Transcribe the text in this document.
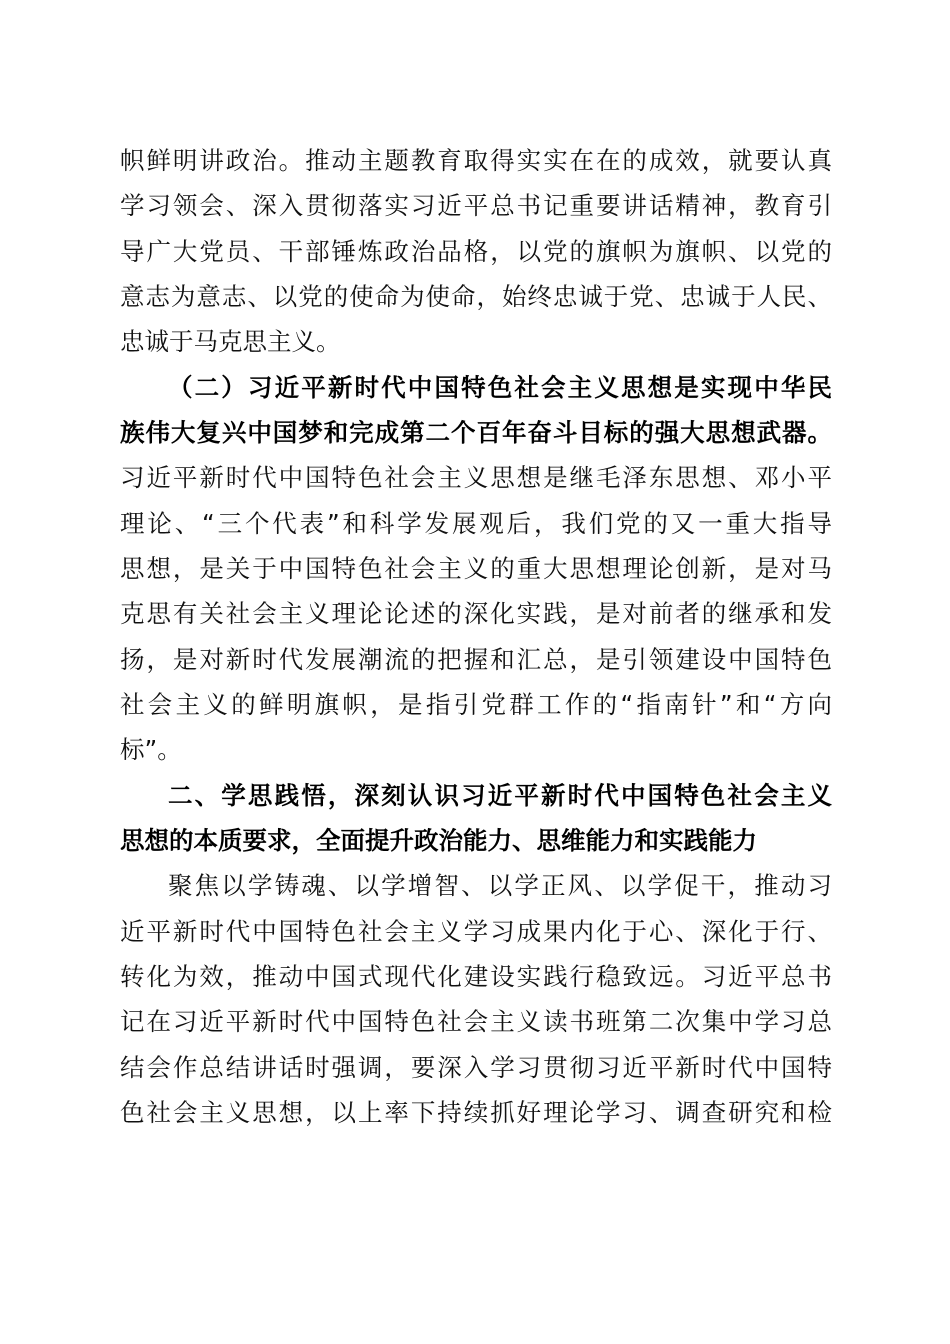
帜鲜明讲政治。推动主题教育取得实实在在的成效，就要认真
学习领会、深入贯彻落实习近平总书记重要讲话精神，教育引
导广大党员、干部锤炼政治品格，以党的旗帜为旗帜、以党的
意志为意志、以党的使命为使命，始终忠诚于党、忠诚于人民、
忠诚于马克思主义。
（二）习近平新时代中国特色社会主义思想是实现中华民
族伟大复兴中国梦和完成第二个百年奋斗目标的强大思想武器。
习近平新时代中国特色社会主义思想是继毛泽东思想、邓小平
理论、“三个代表”和科学发展观后，我们党的又一重大指导
思想，是关于中国特色社会主义的重大思想理论创新，是对马
克思有关社会主义理论论述的深化实践，是对前者的继承和发
扬，是对新时代发展潮流的把握和汇总，是引领建设中国特色
社会主义的鲜明旗帜，是指引党群工作的“指南针”和“方向
标”。
二、学思践悟，深刻认识习近平新时代中国特色社会主义
思想的本质要求，全面提升政治能力、思维能力和实践能力
聚焦以学铸魂、以学增智、以学正风、以学促干，推动习
近平新时代中国特色社会主义学习成果内化于心、深化于行、
转化为效，推动中国式现代化建设实践行稳致远。习近平总书
记在习近平新时代中国特色社会主义读书班第二次集中学习总
结会作总结讲话时强调，要深入学习贯彻习近平新时代中国特
色社会主义思想，以上率下持续抓好理论学习、调查研究和检
